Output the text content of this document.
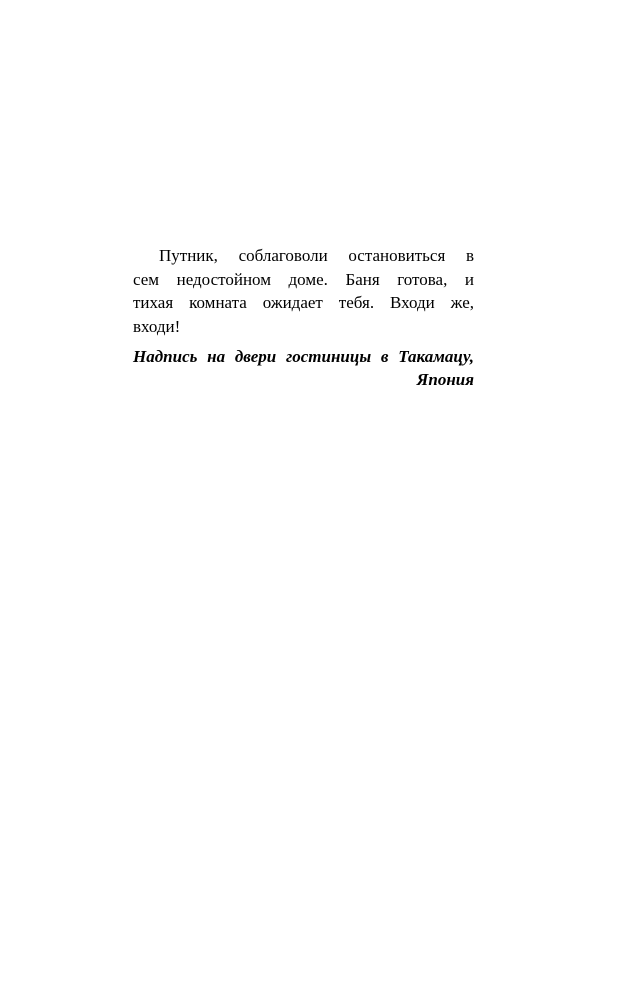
Путник, соблаговоли остановиться в
сем недостойном доме. Баня готова, и
тихая комната ожидает тебя. Входи же,
входи!

Надпись на двери гостиницы в Такамацу,
Япония
